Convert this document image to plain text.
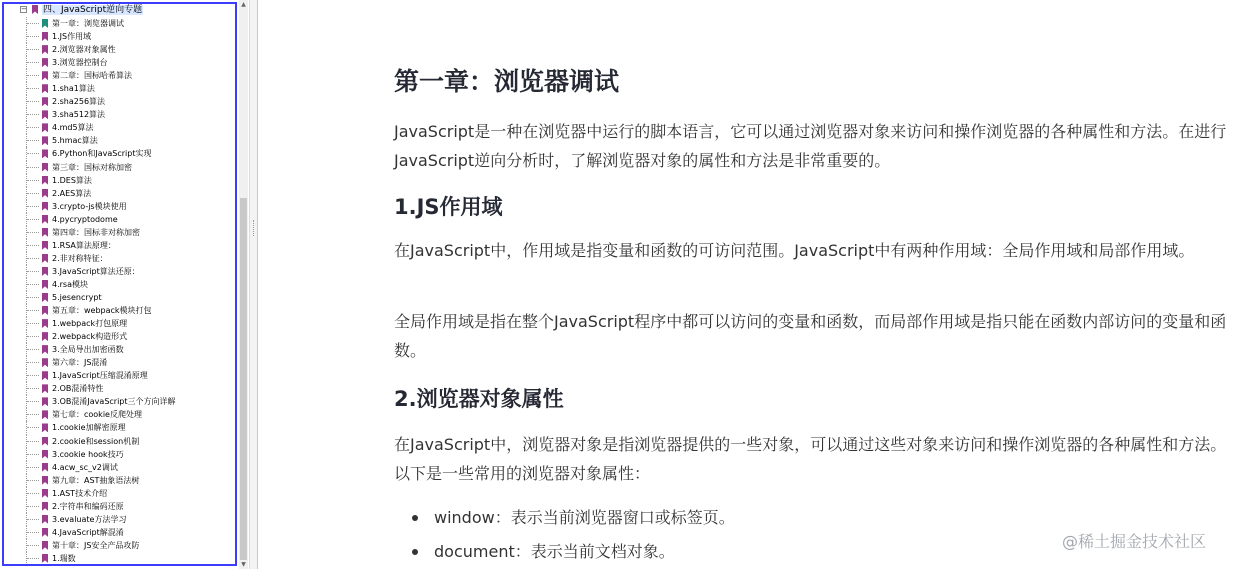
− 四、JavaScript逆向专题
第一章：浏览器调试
1.JS作用域
2.浏览器对象属性
3.浏览器控制台
第二章：国标哈希算法
1.sha1算法
2.sha256算法
3.sha512算法
4.md5算法
5.hmac算法
6.Python和JavaScript实现
第三章：国标对称加密
1.DES算法
2.AES算法
3.crypto-js模块使用
4.pycryptodome
第四章：国标非对称加密
1.RSA算法原理：
2.非对称特征：
3.JavaScript算法还原：
4.rsa模块
5.jesencrypt
第五章：webpack模块打包
1.webpack打包原理
2.webpack构造形式
3.全局导出加密函数
第六章：JS混淆
1.JavaScript压缩混淆原理
2.OB混淆特性
3.OB混淆JavaScript三个方向详解
第七章：cookie反爬处理
1.cookie加解密原理
2.cookie和session机制
3.cookie hook技巧
4.acw_sc_v2调试
第九章：AST抽象语法树
1.AST技术介绍
2.字符串和编码还原
3.evaluate方法学习
4.JavaScript解混淆
第十章：JS安全产品攻防
1.瑞数
▲
▼
第一章：浏览器调试

JavaScript是一种在浏览器中运行的脚本语言，它可以通过浏览器对象来访问和操作浏览器的各种属性和方法。在进行JavaScript逆向分析时，了解浏览器对象的属性和方法是非常重要的。

1.JS作用域

在JavaScript中，作用域是指变量和函数的可访问范围。JavaScript中有两种作用域：全局作用域和局部作用域。

全局作用域是指在整个JavaScript程序中都可以访问的变量和函数，而局部作用域是指只能在函数内部访问的变量和函数。

2.浏览器对象属性

在JavaScript中，浏览器对象是指浏览器提供的一些对象，可以通过这些对象来访问和操作浏览器的各种属性和方法。以下是一些常用的浏览器对象属性：

window：表示当前浏览器窗口或标签页。
document：表示当前文档对象。
@稀土掘金技术社区
